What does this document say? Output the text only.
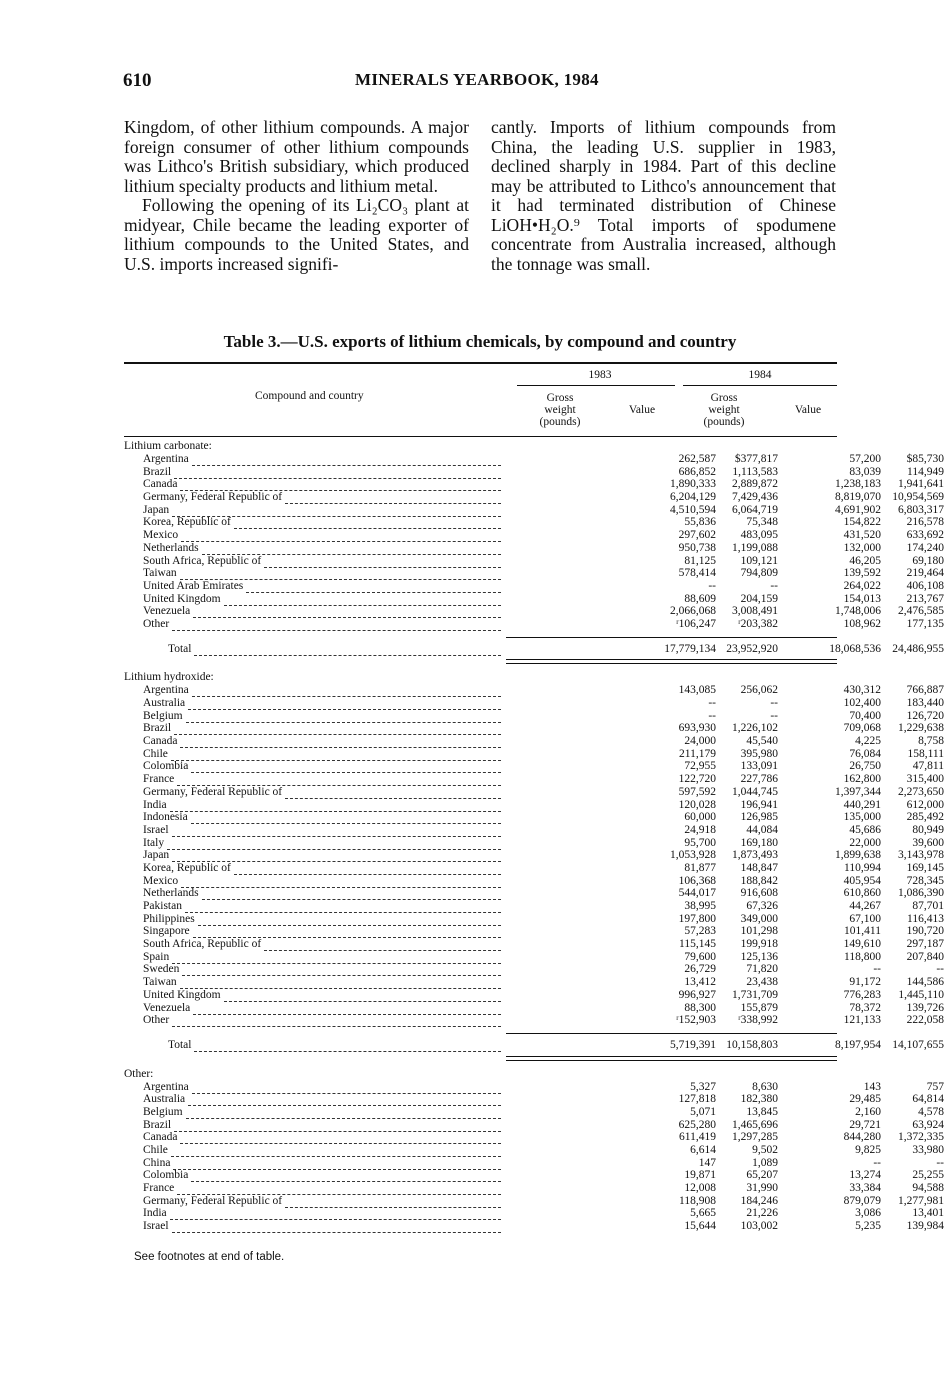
610	MINERALS YEARBOOK, 1984

Kingdom, of other lithium compounds. A major foreign consumer of other lithium compounds was Lithco's British subsidiary, which produced lithium specialty products and lithium metal.

Following the opening of its Li₂CO₃ plant at midyear, Chile became the leading exporter of lithium compounds to the United States, and U.S. imports increased signifi-

cantly. Imports of lithium compounds from China, the leading U.S. supplier in 1983, declined sharply in 1984. Part of this decline may be attributed to Lithco's announcement that it had terminated distribution of Chinese LiOH•H₂O.⁹ Total imports of spodumene concentrate from Australia increased, although the tonnage was small.

Table 3.—U.S. exports of lithium chemicals, by compound and country
Compound and country
1983	1984
Gross weight (pounds)
Value
Gross weight (pounds)
Value
Lithium carbonate:
Argentina	262,587 $377,817	57,200 $85,730
Brazil	686,852 1,113,583	83,039 114,949
Canada	1,890,333 2,889,872	1,238,183 1,941,641
Germany, Federal Republic of	6,204,129 7,429,436	8,819,070 10,954,569
Japan	4,510,594 6,064,719	4,691,902 6,803,317
Korea, Republic of	55,836	75,348	154,822 216,578
Mexico	297,602 483,095	431,520 633,692
Netherlands	950,738 1,199,088	132,000 174,240
South Africa, Republic of	81,125 109,121	46,205	69,180
Taiwan	578,414 794,809	139,592 219,464
United Arab Emirates	--	--	264,022 406,108
United Kingdom	88,609 204,159	154,013 213,767
Venezuela	2,066,068 3,008,491	1,748,006 2,476,585
Other	ʳ106,247 ʳ203,382	108,962 177,135
Total	17,779,134 23,952,920	18,068,536 24,486,955
Lithium hydroxide:
Argentina	143,085 256,062	430,312 766,887
Australia	--	--	102,400 183,440
Belgium	--	--	70,400 126,720
Brazil	693,930 1,226,102	709,068 1,229,638
Canada	24,000	45,540	4,225	8,758
Chile	211,179 395,980	76,084 158,111
Colombia	72,955 133,091	26,750	47,811
France	122,720 227,786	162,800 315,400
Germany, Federal Republic of	597,592 1,044,745	1,397,344 2,273,650
India	120,028 196,941	440,291 612,000
Indonesia	60,000 126,985	135,000 285,492
Israel	24,918	44,084	45,686	80,949
Italy	95,700 169,180	22,000	39,600
Japan	1,053,928 1,873,493	1,899,638 3,143,978
Korea, Republic of	81,877 148,847	110,994 169,145
Mexico	106,368 188,842	405,954 728,345
Netherlands	544,017 916,608	610,860 1,086,390
Pakistan	38,995	67,326	44,267	87,701
Philippines	197,800 349,000	67,100 116,413
Singapore	57,283 101,298	101,411 190,720
South Africa, Republic of	115,145 199,918	149,610 297,187
Spain	79,600 125,136	118,800 207,840
Sweden	26,729	71,820	--	--
Taiwan	13,412	23,438	91,172 144,586
United Kingdom	996,927 1,731,709	776,283 1,445,110
Venezuela	88,300 155,879	78,372 139,726
Other	ʳ152,903 ʳ338,992	121,133 222,058
Total	5,719,391 10,158,803	8,197,954 14,107,655
Other:
Argentina	5,327	8,630	143	757
Australia	127,818 182,380	29,485	64,814
Belgium	5,071	13,845	2,160	4,578
Brazil	625,280 1,465,696	29,721	63,924
Canada	611,419 1,297,285	844,280 1,372,335
Chile	6,614	9,502	9,825	33,980
China	147	1,089	--	--
Colombia	19,871	65,207	13,274	25,255
France	12,008	31,990	33,384	94,588
Germany, Federal Republic of	118,908 184,246	879,079 1,277,981
India	5,665	21,226	3,086	13,401
Israel	15,644 103,002	5,235 139,984
See footnotes at end of table.
